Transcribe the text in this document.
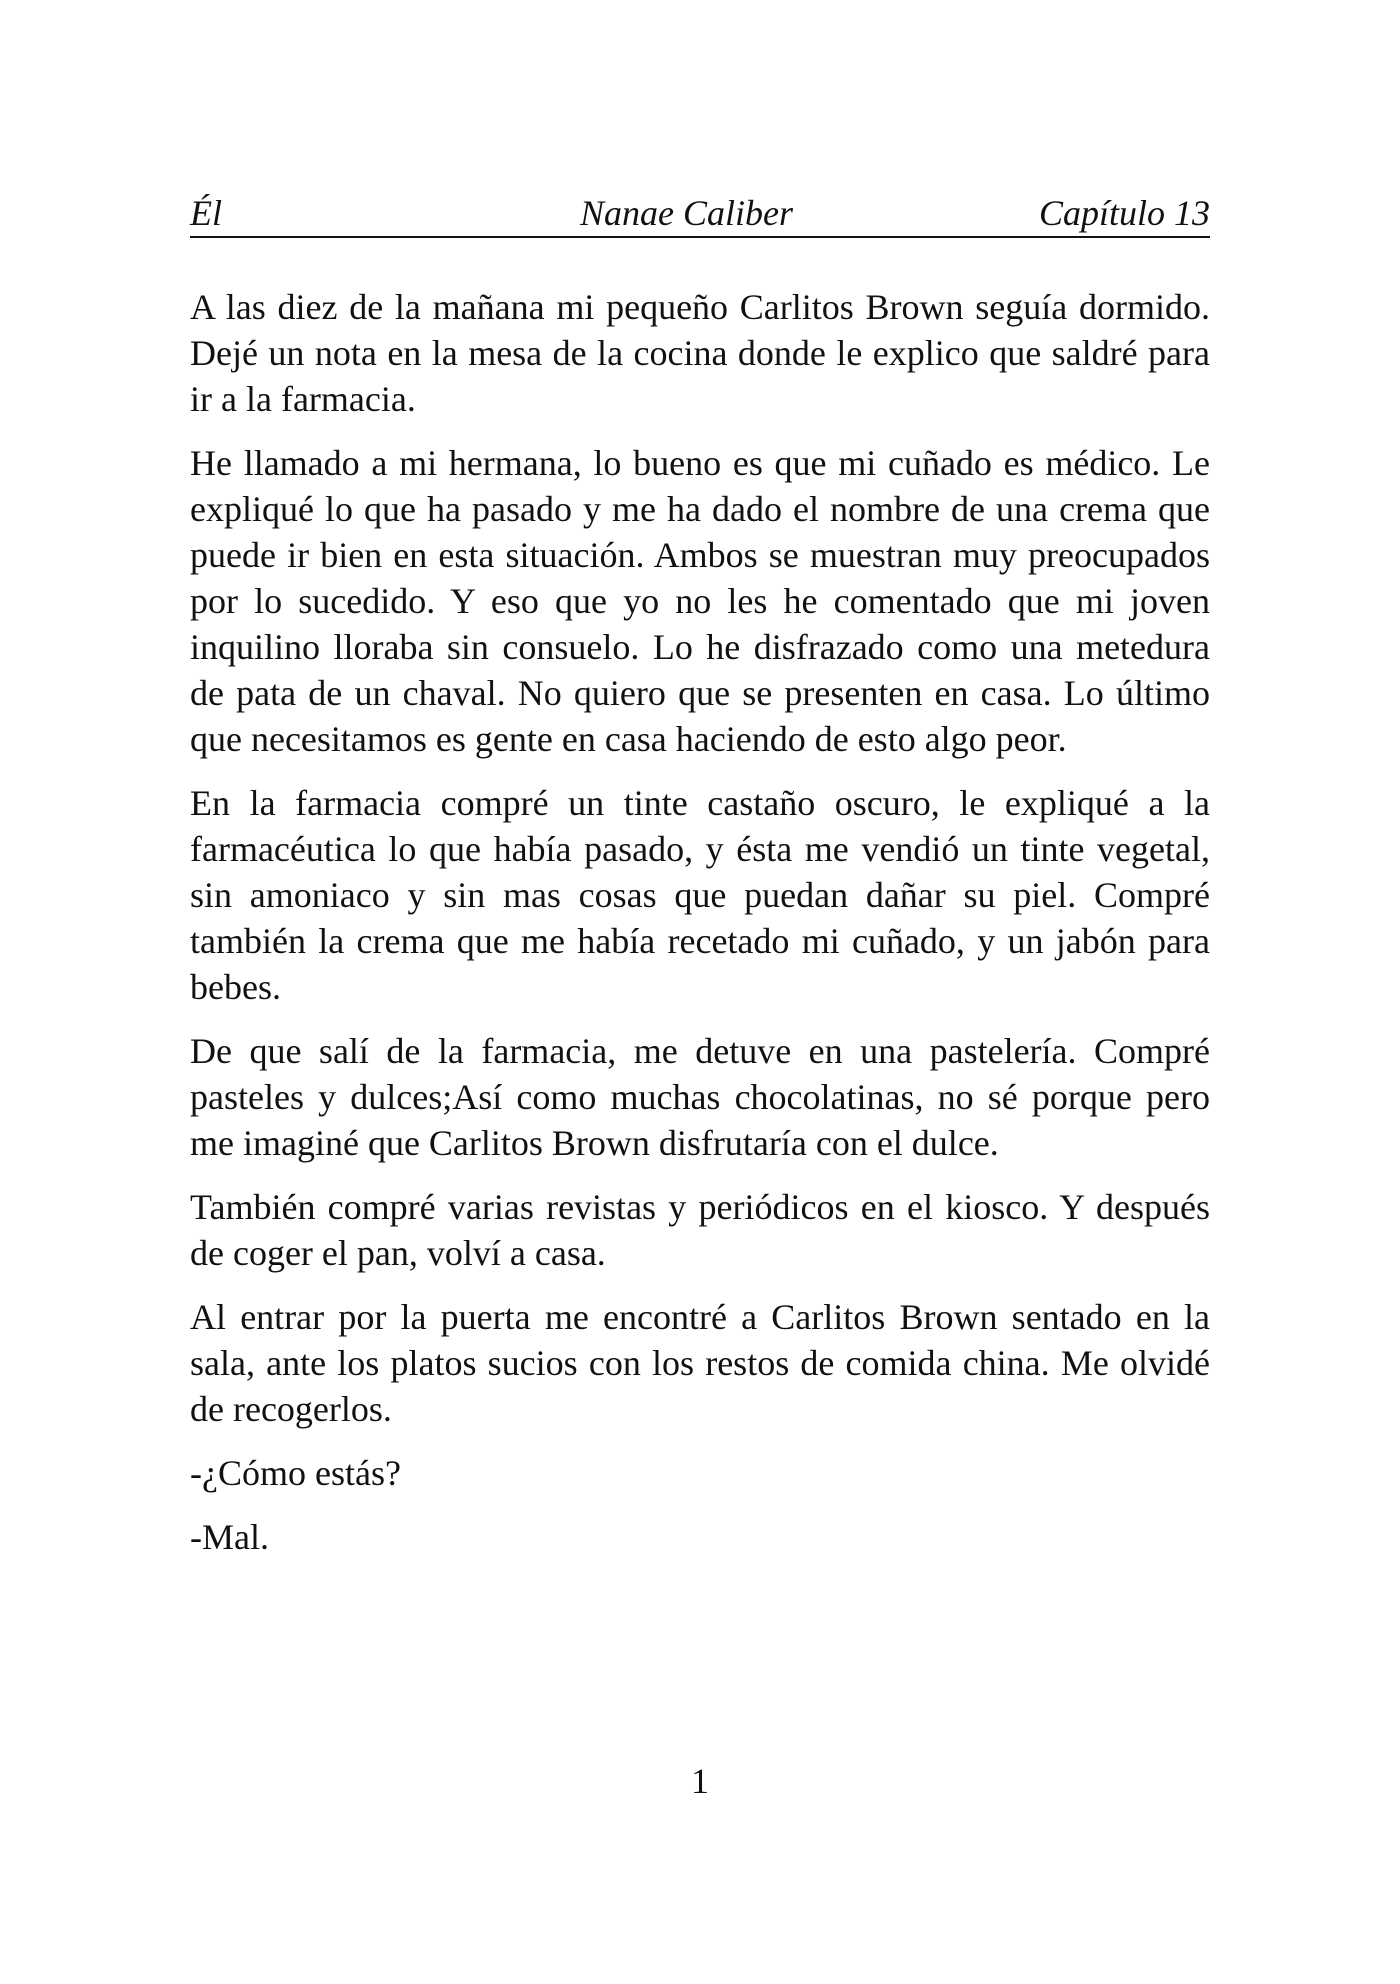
Él	Nanae Caliber	Capítulo 13

A las diez de la mañana mi pequeño Carlitos Brown seguía dormido. Dejé un nota en la mesa de la cocina donde le explico que saldré para ir a la farmacia.

He llamado a mi hermana, lo bueno es que mi cuñado es médico. Le expliqué lo que ha pasado y me ha dado el nombre de una crema que puede ir bien en esta situación. Ambos se muestran muy preocupados por lo sucedido. Y eso que yo no les he comentado que mi joven inquilino lloraba sin consuelo. Lo he disfrazado como una metedura de pata de un chaval. No quiero que se presenten en casa. Lo último que necesitamos es gente en casa haciendo de esto algo peor.

En la farmacia compré un tinte castaño oscuro, le expliqué a la farmacéutica lo que había pasado, y ésta me vendió un tinte vegetal, sin amoniaco y sin mas cosas que puedan dañar su piel. Compré también la crema que me había recetado mi cuñado, y un jabón para bebes.

De que salí de la farmacia, me detuve en una pastelería. Compré pasteles y dulces;Así como muchas chocolatinas, no sé porque pero me imaginé que Carlitos Brown disfrutaría con el dulce.

También compré varias revistas y periódicos en el kiosco. Y después de coger el pan, volví a casa.

Al entrar por la puerta me encontré a Carlitos Brown sentado en la sala, ante los platos sucios con los restos de comida china. Me olvidé de recogerlos.

-¿Cómo estás?

-Mal.

1
